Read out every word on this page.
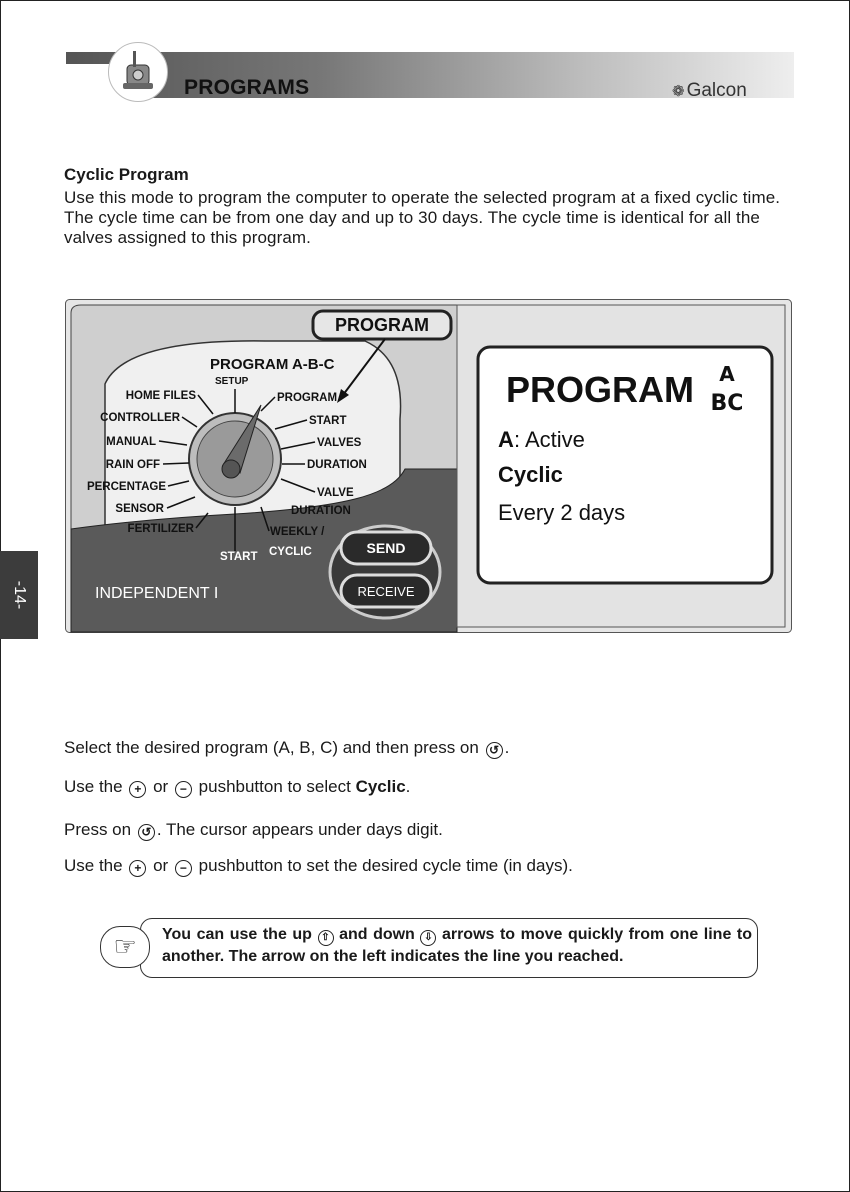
PROGRAMS	❁ Galcon
Cyclic Program
Use this mode to program the computer to operate the selected program at a fixed cyclic time. The cycle time can be from one day and up to 30 days. The cycle time is identical for all the valves assigned to this program.
PROGRAM
PROGRAM A-B-C
SETUP
HOME FILES
CONTROLLER
MANUAL
RAIN OFF
PERCENTAGE
SENSOR
FERTILIZER
PROGRAM
START
VALVES
DURATION
VALVE
DURATION
WEEKLY /
CYCLIC
START
INDEPENDENT I
SEND
RECEIVE
PROGRAM A
BC
A : Active
Cyclic
Every 2 days
-14-
Select the desired program (A, B, C) and then press on ↺ .
Use the + or − pushbutton to select Cyclic.
Press on ↺ . The cursor appears under days digit.
Use the + or − pushbutton to set the desired cycle time (in days).
☞	You can use the up ⇧ and down ⇩ arrows to move quickly from one line to another. The arrow on the left indicates the line you reached.
